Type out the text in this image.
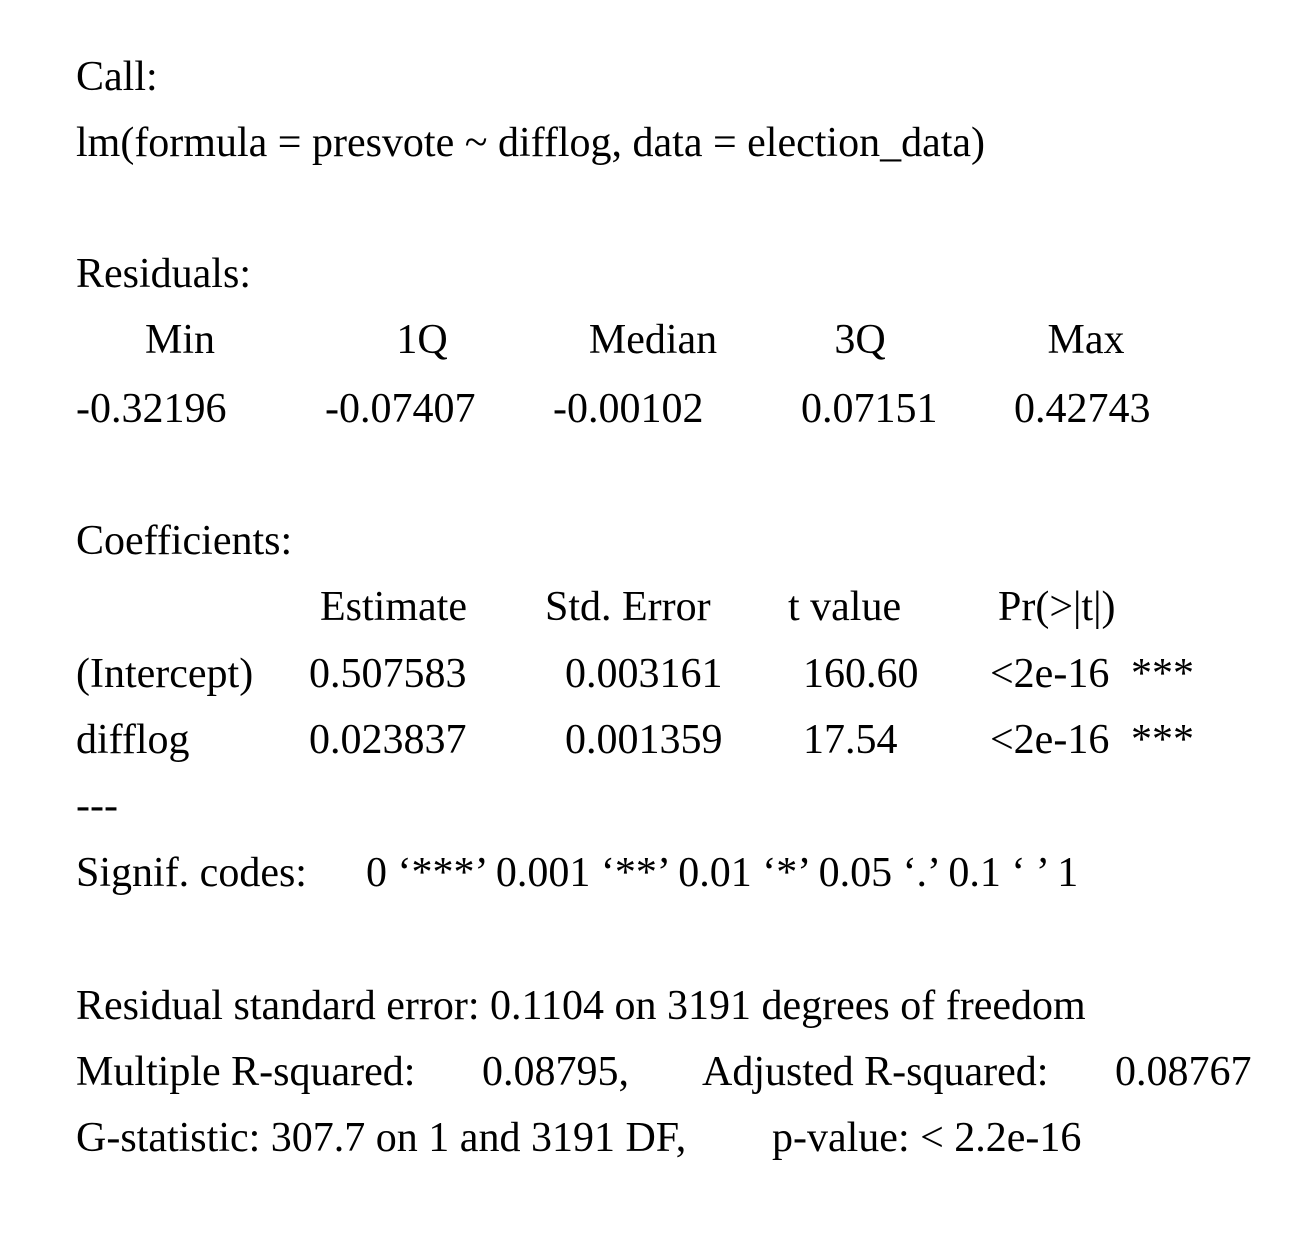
Call:
lm(formula = presvote ~ difflog, data = election_data)
Residuals:
Min	1Q	Median	3Q	Max
-0.32196 -0.07407 -0.00102 0.07151 0.42743
Coefficients:
Estimate Std. Error t value Pr(>|t|)
(Intercept) 0.507583 0.003161 160.60 <2e-16 ***
difflog	0.023837 0.001359 17.54 <2e-16 ***
---
Signif. codes: 0 ‘***’ 0.001 ‘**’ 0.01 ‘*’ 0.05 ‘.’ 0.1 ‘ ’ 1
Residual standard error: 0.1104 on 3191 degrees of freedom
Multiple R-squared: 0.08795, Adjusted R-squared: 0.08767
G-statistic: 307.7 on 1 and 3191 DF, p-value: < 2.2e-16
